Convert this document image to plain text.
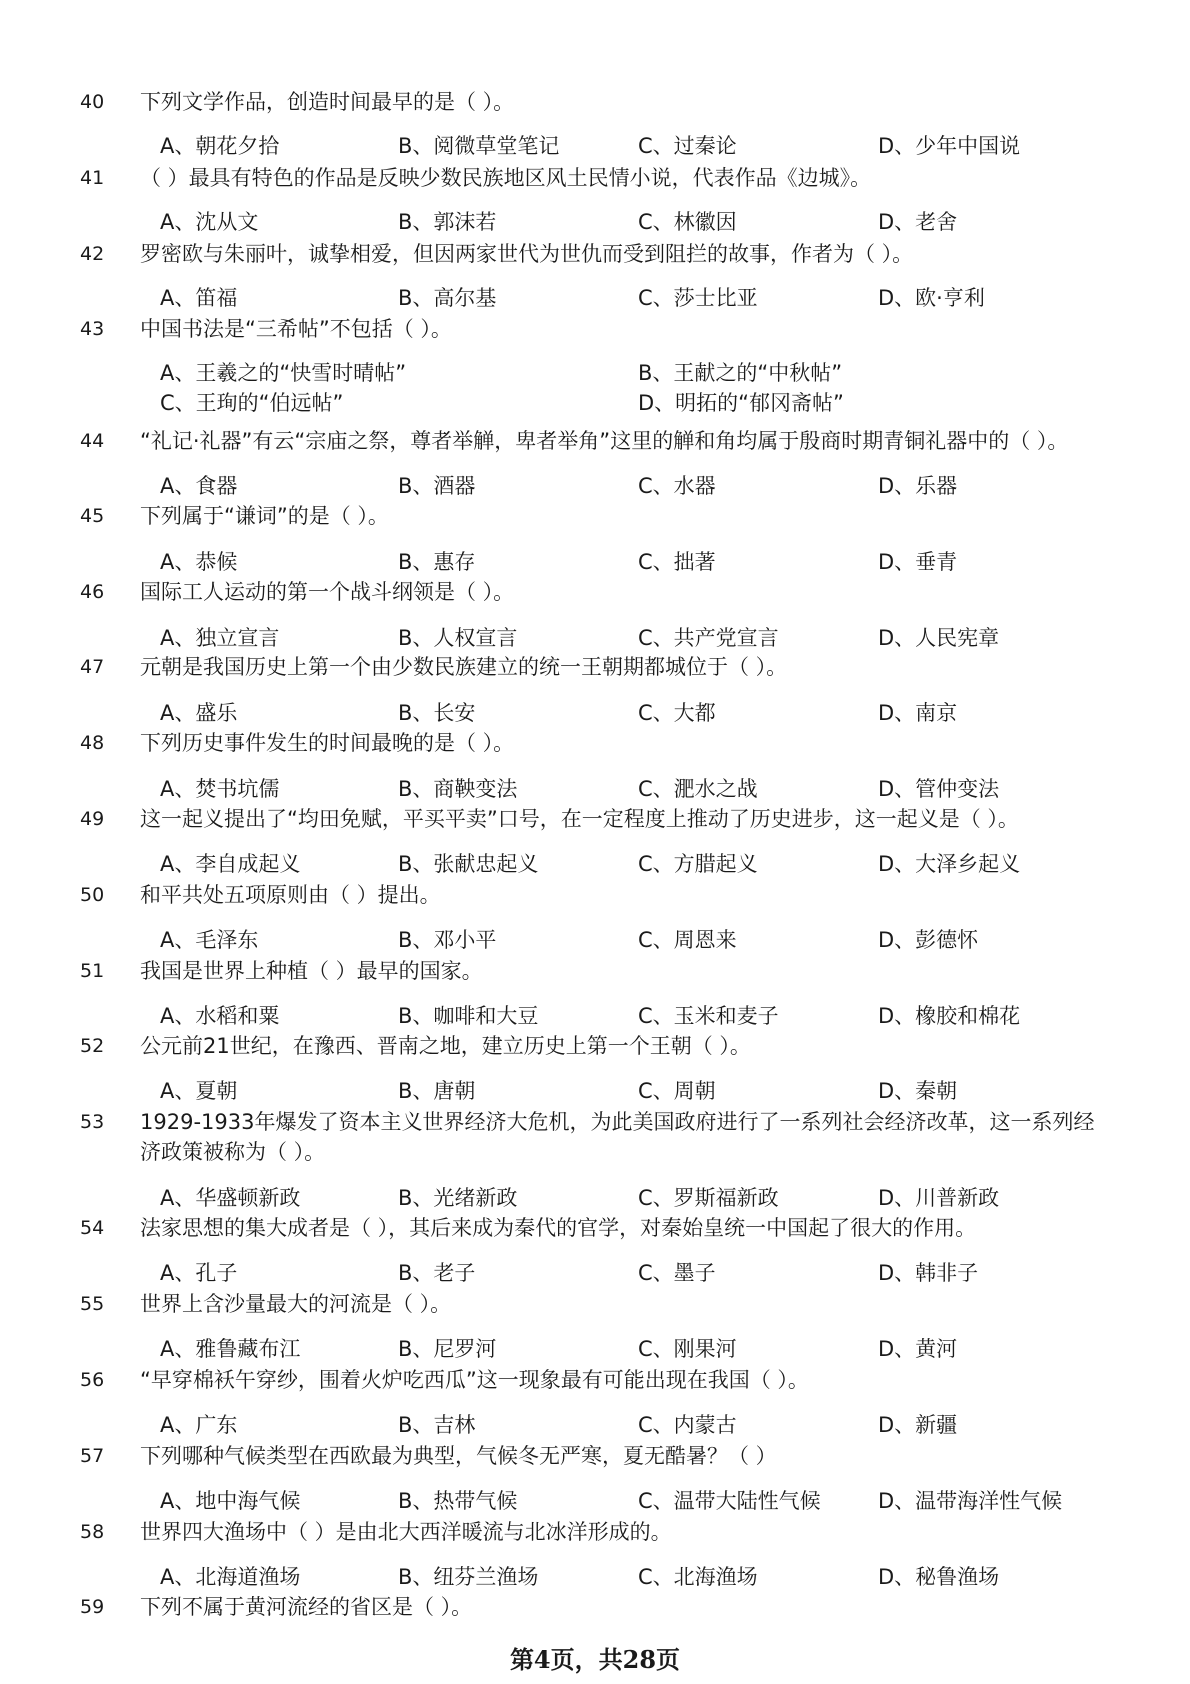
40	下列文学作品，创造时间最早的是（ ）。
A、朝花夕拾	B、阅微草堂笔记	C、过秦论	D、少年中国说
41	（ ）最具有特色的作品是反映少数民族地区风土民情小说，代表作品《边城》。
A、沈从文	B、郭沫若	C、林徽因	D、老舍
42	罗密欧与朱丽叶，诚挚相爱，但因两家世代为世仇而受到阻拦的故事，作者为（ ）。
A、笛福	B、高尔基	C、莎士比亚	D、欧·亨利
43	中国书法是“三希帖”不包括（ ）。
A、王羲之的“快雪时晴帖”	B、王献之的“中秋帖”
C、王珣的“伯远帖”	D、明拓的“郁冈斋帖”
44	“礼记·礼器”有云“宗庙之祭，尊者举觯，卑者举角”这里的觯和角均属于殷商时期青铜礼器中的（ ）。
A、食器	B、酒器	C、水器	D、乐器
45	下列属于“谦词”的是（ ）。
A、恭候	B、惠存	C、拙著	D、垂青
46	国际工人运动的第一个战斗纲领是（ ）。
A、独立宣言	B、人权宣言	C、共产党宣言	D、人民宪章
47	元朝是我国历史上第一个由少数民族建立的统一王朝期都城位于（ ）。
A、盛乐	B、长安	C、大都	D、南京
48	下列历史事件发生的时间最晚的是（ ）。
A、焚书坑儒	B、商鞅变法	C、淝水之战	D、管仲变法
49	这一起义提出了“均田免赋，平买平卖”口号，在一定程度上推动了历史进步，这一起义是（ ）。
A、李自成起义	B、张献忠起义	C、方腊起义	D、大泽乡起义
50	和平共处五项原则由（ ）提出。
A、毛泽东	B、邓小平	C、周恩来	D、彭德怀
51	我国是世界上种植（ ）最早的国家。
A、水稻和粟	B、咖啡和大豆	C、玉米和麦子	D、橡胶和棉花
52	公元前21世纪，在豫西、晋南之地，建立历史上第一个王朝（ ）。
A、夏朝	B、唐朝	C、周朝	D、秦朝
53	1929-1933年爆发了资本主义世界经济大危机，为此美国政府进行了一系列社会经济改革，这一系列经济政策被称为（ ）。
A、华盛顿新政	B、光绪新政	C、罗斯福新政	D、川普新政
54	法家思想的集大成者是（ ），其后来成为秦代的官学，对秦始皇统一中国起了很大的作用。
A、孔子	B、老子	C、墨子	D、韩非子
55	世界上含沙量最大的河流是（ ）。
A、雅鲁藏布江	B、尼罗河	C、刚果河	D、黄河
56	“早穿棉袄午穿纱，围着火炉吃西瓜”这一现象最有可能出现在我国（ ）。
A、广东	B、吉林	C、内蒙古	D、新疆
57	下列哪种气候类型在西欧最为典型，气候冬无严寒，夏无酷暑？（ ）
A、地中海气候	B、热带气候	C、温带大陆性气候	D、温带海洋性气候
58	世界四大渔场中（ ）是由北大西洋暖流与北冰洋形成的。
A、北海道渔场	B、纽芬兰渔场	C、北海渔场	D、秘鲁渔场
59	下列不属于黄河流经的省区是（ ）。
第4页，共28页
